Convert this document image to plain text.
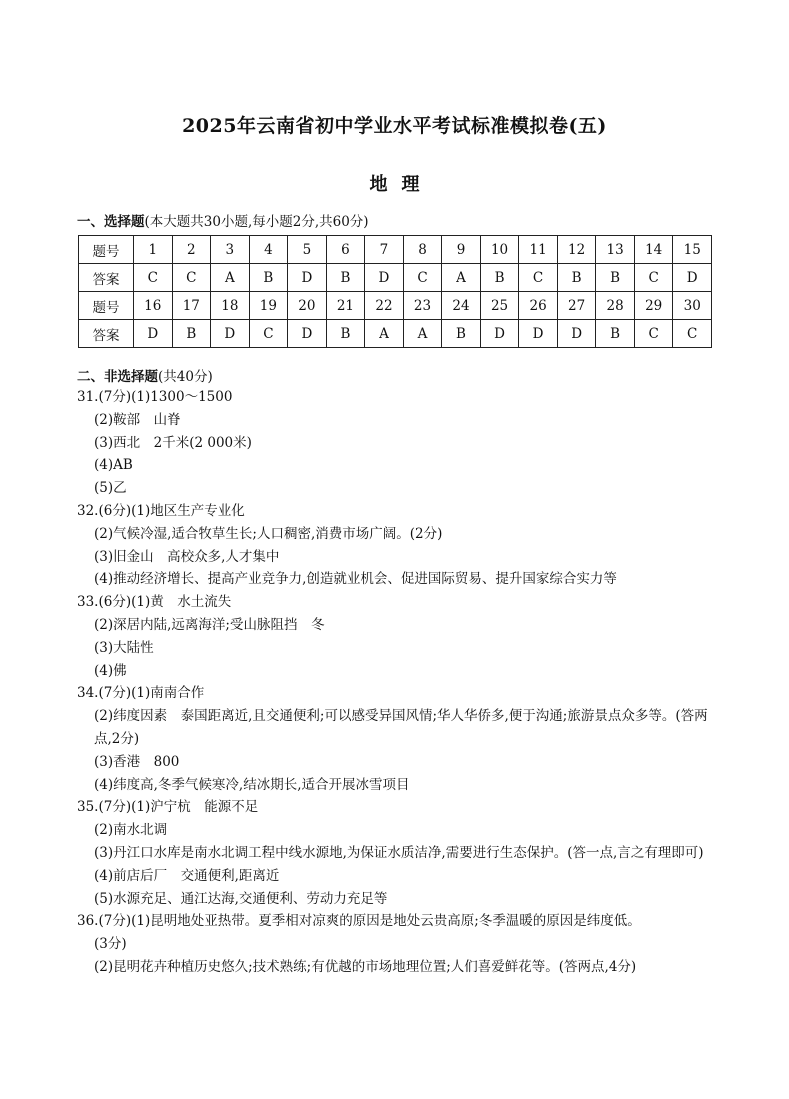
2025年云南省初中学业水平考试标准模拟卷(五)
地理
一、选择题(本大题共30小题,每小题2分,共60分)
题号	1	2	3	4	5	6	7	8	9	10	11	12	13	14	15
答案	C	C	A	B	D	B	D	C	A	B	C	B	B	C	D
题号	16	17	18	19	20	21	22	23	24	25	26	27	28	29	30
答案	D	B	D	C	D	B	A	A	B	D	D	D	B	C	C
二、非选择题(共40分)
31.(7分)(1)1300～1500
(2)鞍部　山脊
(3)西北　2千米(2 000米)
(4)AB
(5)乙
32.(6分)(1)地区生产专业化
(2)气候冷湿,适合牧草生长;人口稠密,消费市场广阔。(2分)
(3)旧金山　高校众多,人才集中
(4)推动经济增长、提高产业竞争力,创造就业机会、促进国际贸易、提升国家综合实力等
33.(6分)(1)黄　水土流失
(2)深居内陆,远离海洋;受山脉阻挡　冬
(3)大陆性
(4)佛
34.(7分)(1)南南合作
(2)纬度因素　泰国距离近,且交通便利;可以感受异国风情;华人华侨多,便于沟通;旅游景点众多等。(答两点,2分)
(3)香港　800
(4)纬度高,冬季气候寒冷,结冰期长,适合开展冰雪项目
35.(7分)(1)沪宁杭　能源不足
(2)南水北调
(3)丹江口水库是南水北调工程中线水源地,为保证水质洁净,需要进行生态保护。(答一点,言之有理即可)
(4)前店后厂　交通便利,距离近
(5)水源充足、通江达海,交通便利、劳动力充足等
36.(7分)(1)昆明地处亚热带。夏季相对凉爽的原因是地处云贵高原;冬季温暖的原因是纬度低。
(3分)
(2)昆明花卉种植历史悠久;技术熟练;有优越的市场地理位置;人们喜爱鲜花等。(答两点,4分)
